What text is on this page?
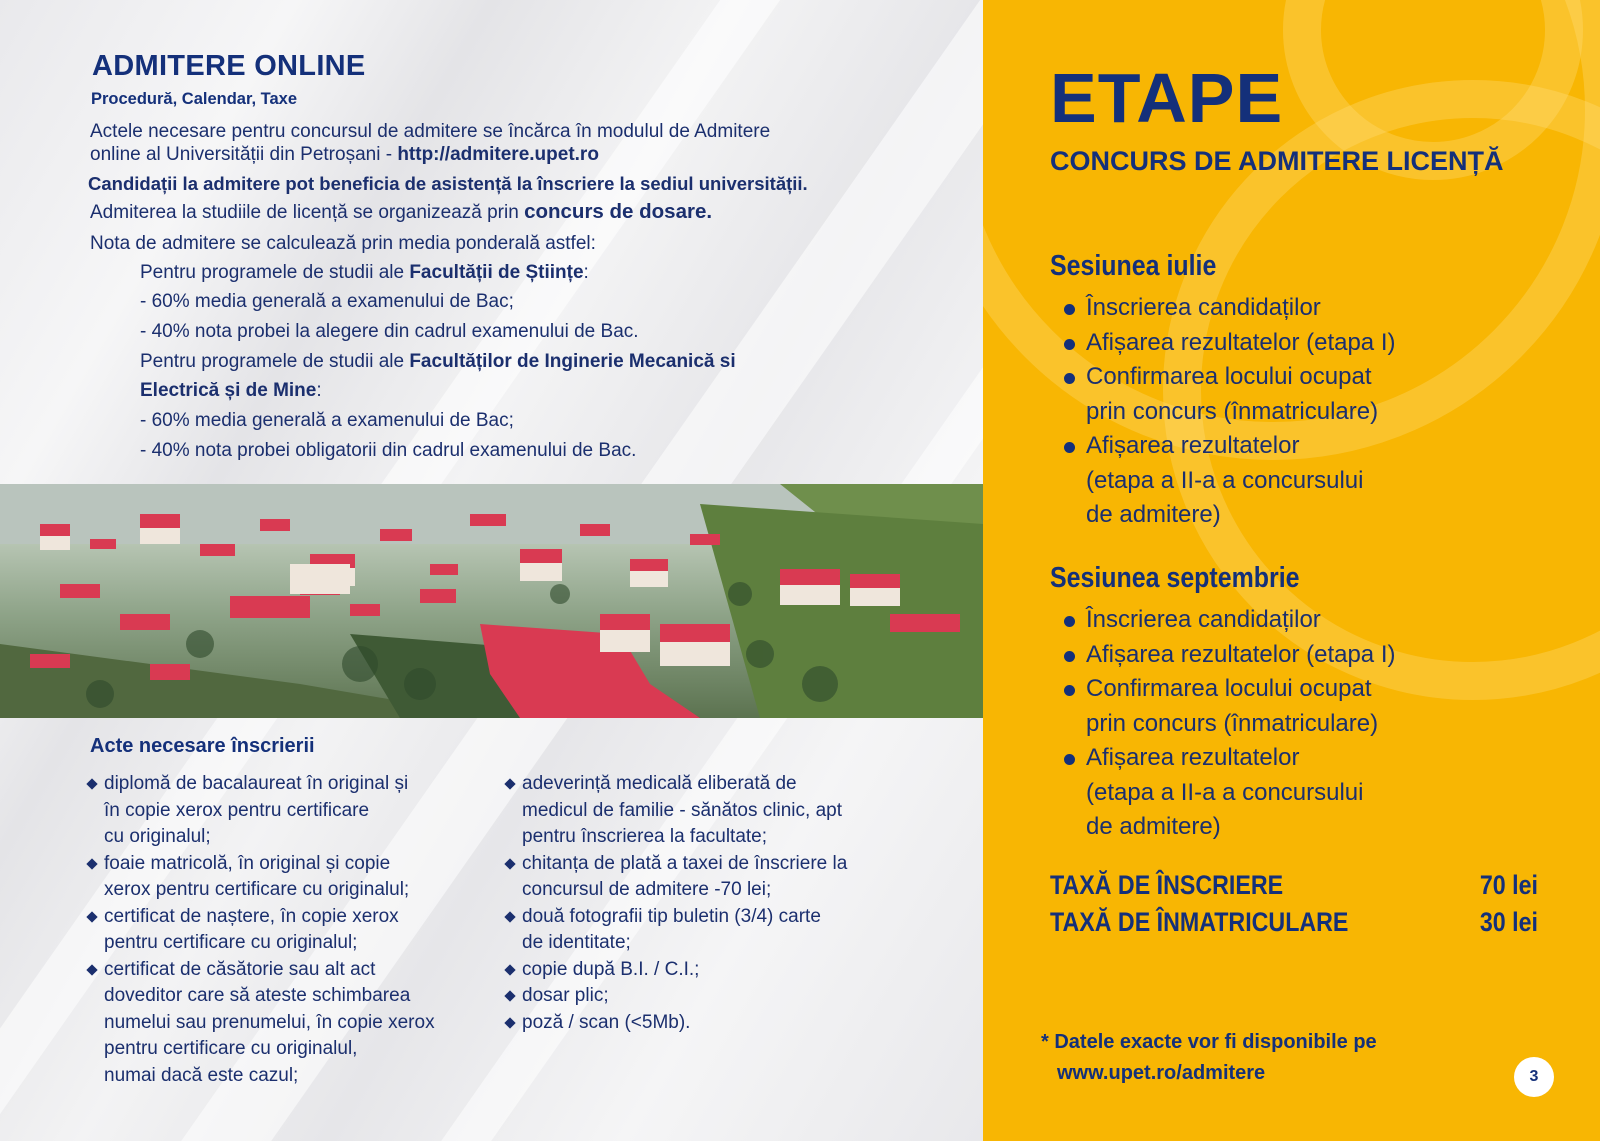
ADMITERE ONLINE
Procedură, Calendar, Taxe
Actele necesare pentru concursul de admitere se încărca în modulul de Admitere
online al Universității din Petroșani - http://admitere.upet.ro
Candidații la admitere pot beneficia de asistență la înscriere la sediul universității.
Admiterea la studiile de licență se organizează prin concurs de dosare.
Nota de admitere se calculează prin media ponderală astfel:
Pentru programele de studii ale Facultății de Științe:
- 60% media generală a examenului de Bac;
- 40% nota probei la alegere din cadrul examenului de Bac.
Pentru programele de studii ale Facultăților de Inginerie Mecanică si
Electrică și de Mine:
- 60% media generală a examenului de Bac;
- 40% nota probei obligatorii din cadrul examenului de Bac.
Acte necesare înscrierii
diplomă de bacalaureat în original și
în copie xerox pentru certificare
cu originalul;
foaie matricolă, în original și copie
xerox pentru certificare cu originalul;
certificat de naștere, în copie xerox
pentru certificare cu originalul;
certificat de căsătorie sau alt act
doveditor care să ateste schimbarea
numelui sau prenumelui, în copie xerox
pentru certificare cu originalul,
numai dacă este cazul;
adeverință medicală eliberată de
medicul de familie - sănătos clinic, apt
pentru înscrierea la facultate;
chitanța de plată a taxei de înscriere la
concursul de admitere -70 lei;
două fotografii tip buletin (3/4) carte
de identitate;
copie după B.I. / C.I.;
dosar plic;
poză / scan (<5Mb).
ETAPE
CONCURS DE ADMITERE LICENȚĂ
Sesiunea iulie
Înscrierea candidaților
Afișarea rezultatelor (etapa I)
Confirmarea locului ocupat
prin concurs (înmatriculare)
Afișarea rezultatelor
(etapa a II-a a concursului
de admitere)
Sesiunea septembrie
Înscrierea candidaților
Afișarea rezultatelor (etapa I)
Confirmarea locului ocupat
prin concurs (înmatriculare)
Afișarea rezultatelor
(etapa a II-a a concursului
de admitere)
TAXĂ DE ÎNSCRIERE	70 lei
TAXĂ DE ÎNMATRICULARE	30 lei
* Datele exacte vor fi disponibile pe
www.upet.ro/admitere	3
